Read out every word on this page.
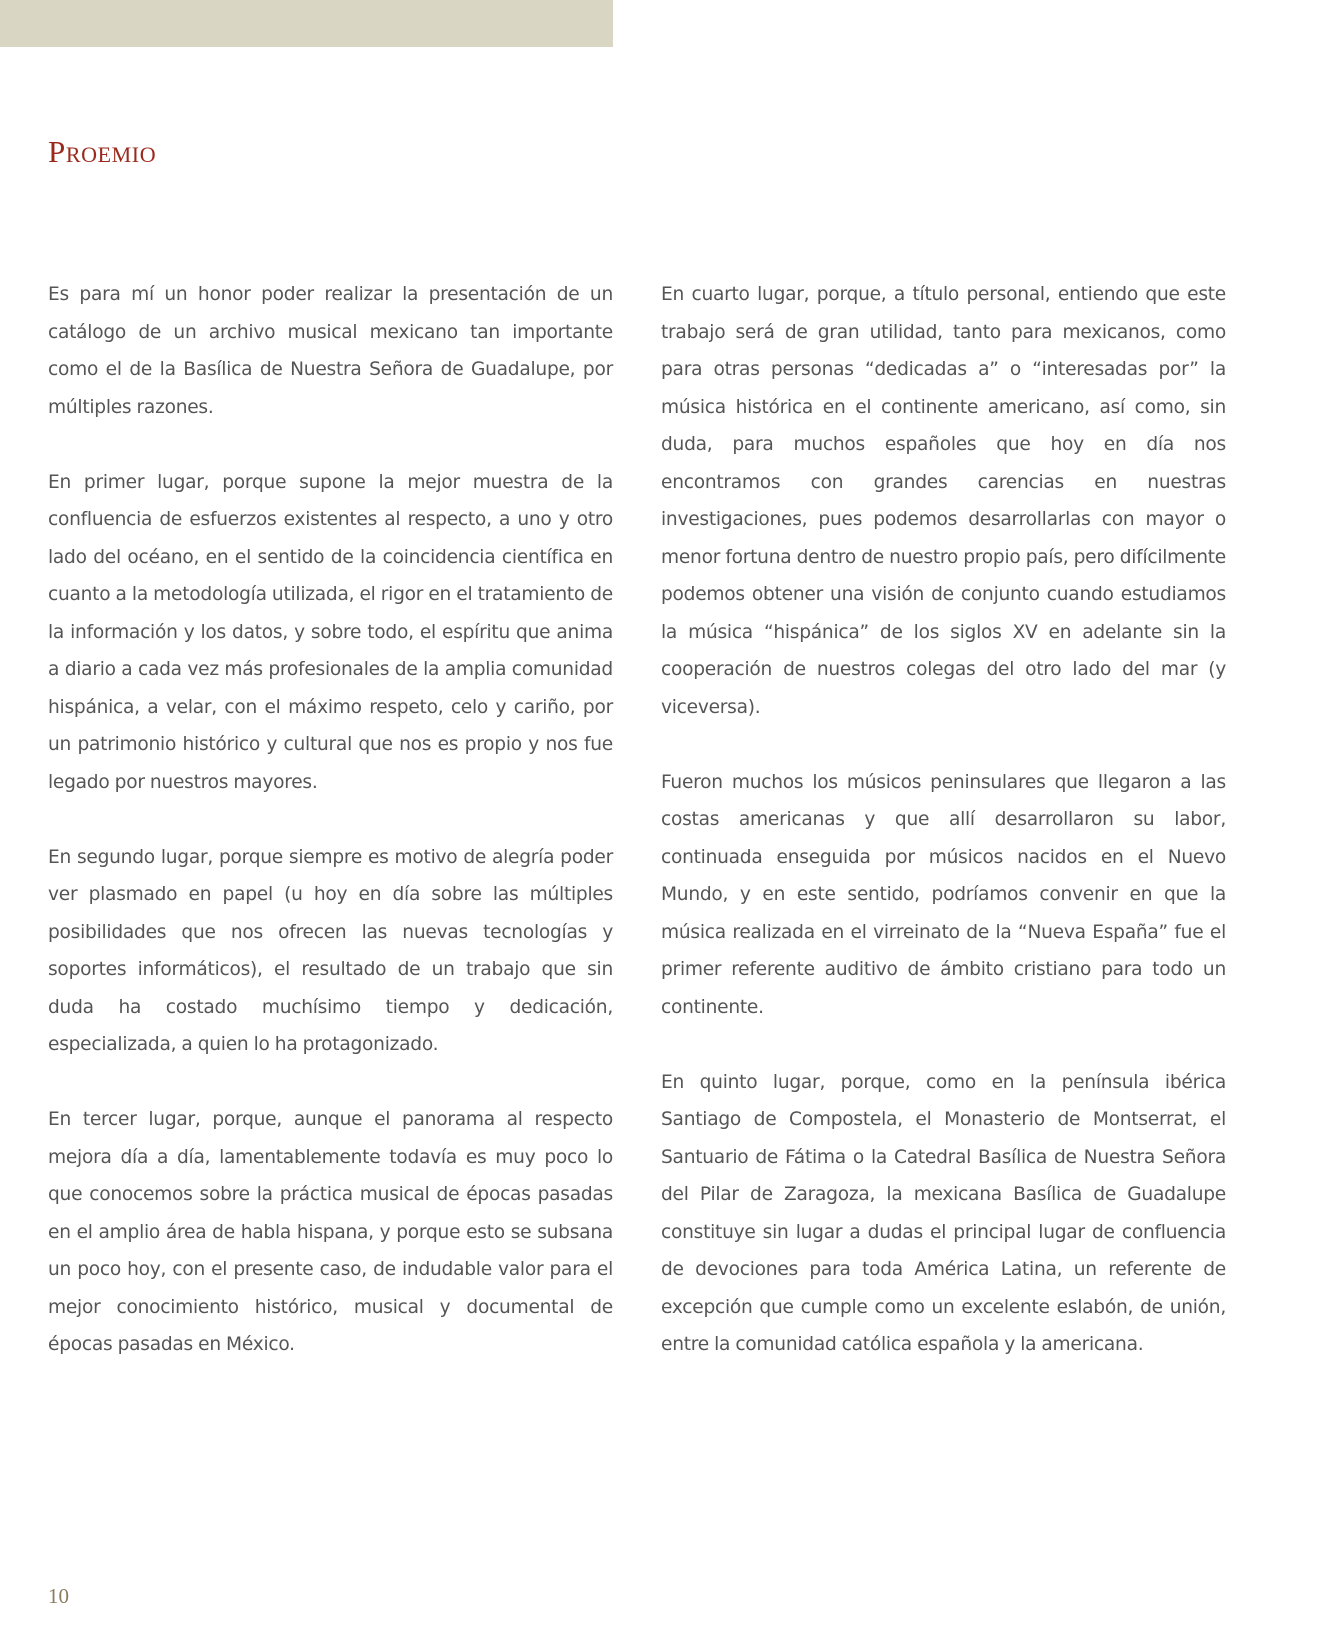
Proemio

Es para mí un honor poder realizar la presentación de un catálogo de un archivo musical mexicano tan importante como el de la Basílica de Nuestra Señora de Guadalupe, por múltiples razones.

En primer lugar, porque supone la mejor muestra de la confluencia de esfuerzos existentes al respecto, a uno y otro lado del océano, en el sentido de la coincidencia científica en cuanto a la metodología utilizada, el rigor en el tratamiento de la información y los datos, y sobre todo, el espíritu que anima a diario a cada vez más profesionales de la amplia comunidad hispánica, a velar, con el máximo respeto, celo y cariño, por un patrimonio histórico y cultural que nos es propio y nos fue legado por nuestros mayores.

En segundo lugar, porque siempre es motivo de alegría poder ver plasmado en papel (u hoy en día sobre las múltiples posibilidades que nos ofrecen las nuevas tecnologías y soportes informáticos), el resultado de un trabajo que sin duda ha costado muchísimo tiempo y dedicación, especializada, a quien lo ha protagonizado.

En tercer lugar, porque, aunque el panorama al respecto mejora día a día, lamentablemente todavía es muy poco lo que conocemos sobre la práctica musical de épocas pasadas en el amplio área de habla hispana, y porque esto se subsana un poco hoy, con el presente caso, de indudable valor para el mejor conocimiento histórico, musical y documental de épocas pasadas en México.

En cuarto lugar, porque, a título personal, entiendo que este trabajo será de gran utilidad, tanto para mexicanos, como para otras personas “dedicadas a” o “interesadas por” la música histórica en el continente americano, así como, sin duda, para muchos españoles que hoy en día nos encontramos con grandes carencias en nuestras investigaciones, pues podemos desarrollarlas con mayor o menor fortuna dentro de nuestro propio país, pero difícilmente podemos obtener una visión de conjunto cuando estudiamos la música “hispánica” de los siglos XV en adelante sin la cooperación de nuestros colegas del otro lado del mar (y viceversa).

Fueron muchos los músicos peninsulares que llegaron a las costas americanas y que allí desarrollaron su labor, continuada enseguida por músicos nacidos en el Nuevo Mundo, y en este sentido, podríamos convenir en que la música realizada en el virreinato de la “Nueva España” fue el primer referente auditivo de ámbito cristiano para todo un continente.

En quinto lugar, porque, como en la península ibérica Santiago de Compostela, el Monasterio de Montserrat, el Santuario de Fátima o la Catedral Basílica de Nuestra Señora del Pilar de Zaragoza, la mexicana Basílica de Guadalupe constituye sin lugar a dudas el principal lugar de confluencia de devociones para toda América Latina, un referente de excepción que cumple como un excelente eslabón, de unión, entre la comunidad católica española y la americana.

10
